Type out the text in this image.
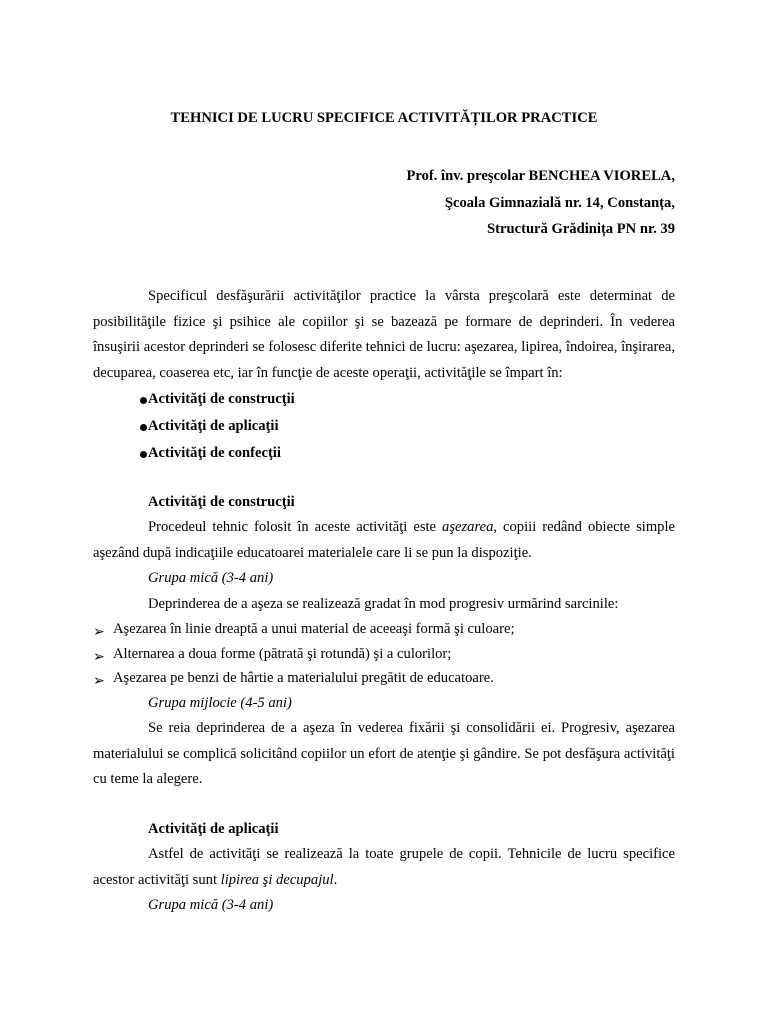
TEHNICI DE LUCRU SPECIFICE ACTIVITĂȚILOR PRACTICE
Prof. înv. preşcolar BENCHEA VIORELA,
Şcoala Gimnazială nr. 14, Constanța,
Structură Grădinița PN nr. 39

Specificul desfăşurării activităţilor practice la vârsta preşcolară este determinat de posibilităţile fizice şi psihice ale copiilor şi se bazează pe formare de deprinderi. În vederea însuşirii acestor deprinderi se folosesc diferite tehnici de lucru: aşezarea, lipirea, îndoirea, înşirarea, decuparea, coaserea etc, iar în funcţie de aceste operaţii, activităţile se împart în:

Activităţi de construcţii
Activităţi de aplicaţii
Activităţi de confecţii

Activităţi de construcţii

Procedeul tehnic folosit în aceste activităţi este aşezarea, copiii redând obiecte simple aşezând după indicaţiile educatoarei materialele care li se pun la dispoziţie.

Grupa mică (3-4 ani)

Deprinderea de a aşeza se realizează gradat în mod progresiv urmărind sarcinile:

➢ Aşezarea în linie dreaptă a unui material de aceeaşi formă şi culoare;
➢ Alternarea a doua forme (pătrată şi rotundă) şi a culorilor;
➢ Aşezarea pe benzi de hârtie a materialului pregătit de educatoare.

Grupa mijlocie (4-5 ani)

Se reia deprinderea de a aşeza în vederea fixării şi consolidării ei. Progresiv, aşezarea materialului se complică solicitând copiilor un efort de atenţie şi gândire. Se pot desfăşura activităţi cu teme la alegere.

Activităţi de aplicaţii

Astfel de activităţi se realizează la toate grupele de copii. Tehnicile de lucru specifice acestor activităţi sunt lipirea şi decupajul.

Grupa mică (3-4 ani)
